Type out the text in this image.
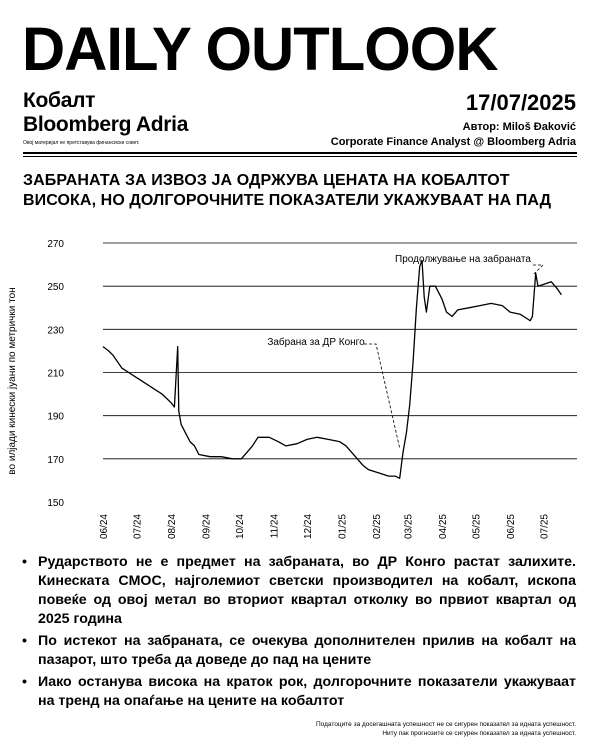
DAILY OUTLOOK
Кобалт
Bloomberg Adria
Овој материјал не претставува финансиски совет.
17/07/2025
Автор: Miloš Đaković
Corporate Finance Analyst @ Bloomberg Adria
ЗАБРАНАТА ЗА ИЗВОЗ ЈА ОДРЖУВА ЦЕНАТА НА КОБАЛТОТ ВИСОКА, НО ДОЛГОРОЧНИТЕ ПОКАЗАТЕЛИ УКАЖУВААТ НА ПАД
150
170
190
210
230
250
270
06/24 07/24 08/24 09/24 10/24 11/24 12/24 01/25 02/25 03/25 04/25 05/25 06/25 07/25
Забрана за ДР Конго
Продолжување на забраната
во илјади кинески јуани по метрички тон
• Рударството не е предмет на забраната, во ДР Конго растат залихите. Кинеската CMOC, најголемиот светски производител на кобалт, ископа повеќе од овој метал во вториот квартал отколку во првиот квартал од 2025 година
• По истекот на забраната, се очекува дополнителен прилив на кобалт на пазарот, што треба да доведе до пад на цените
• Иако останува висока на краток рок, долгорочните показатели укажуваат на тренд на опаѓање на цените на кобалтот
Податоците за досегашната успешност не се сигурен показател за идната успешност.
Ниту пак прогнозите се сигурен показател за идната успешност.
